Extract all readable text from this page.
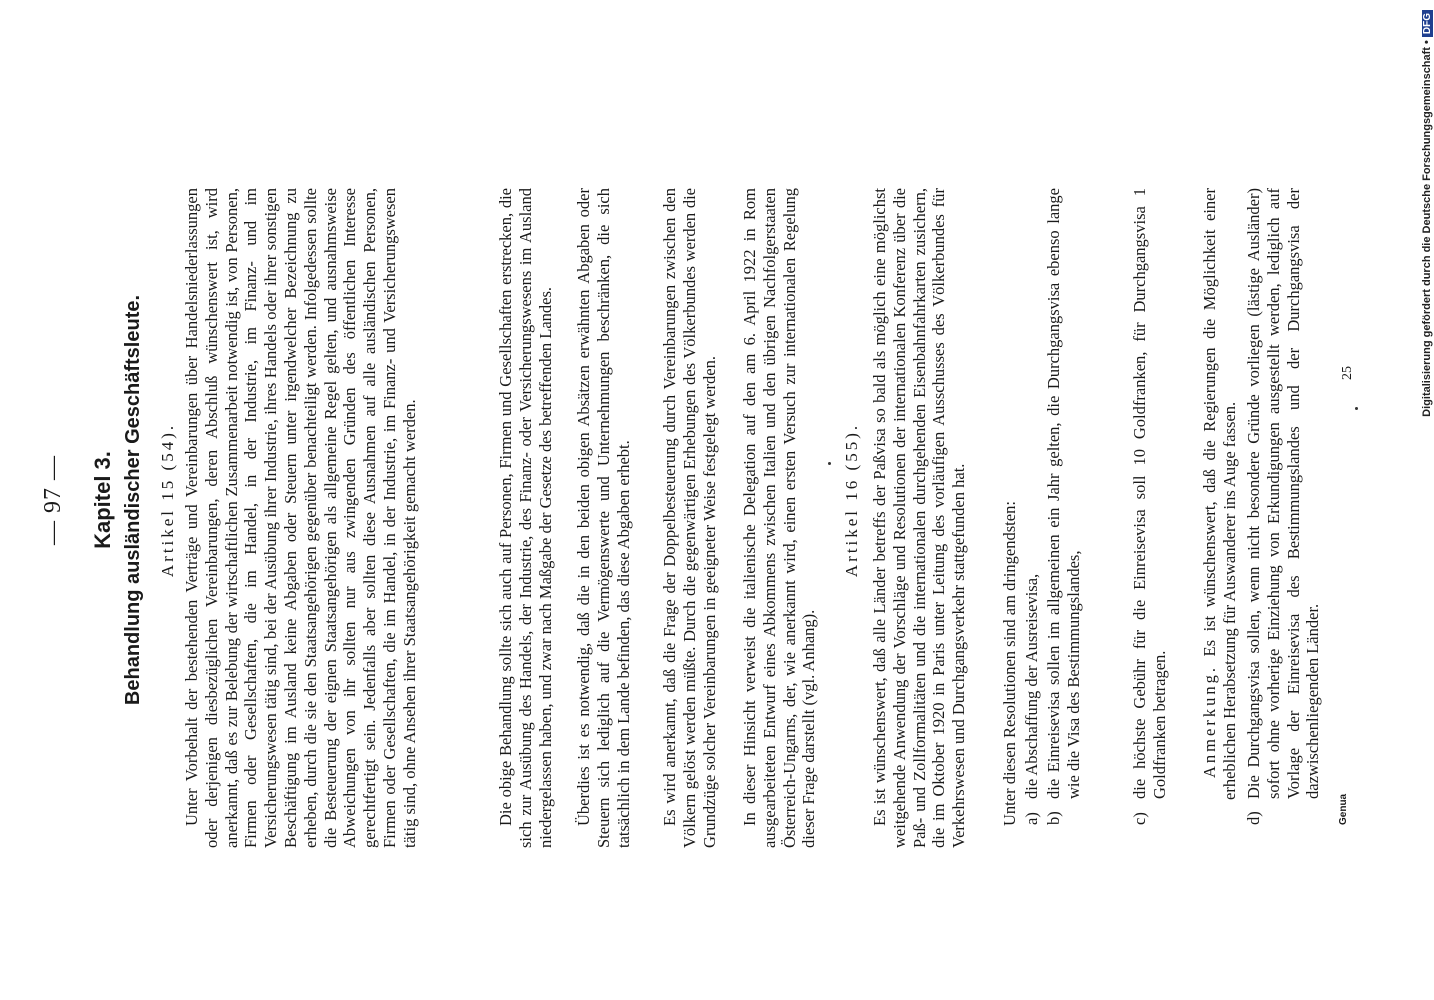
— 97 — Kapitel 3. Behandlung ausländischer Geschäftsleute. Artikel 15 (54). Unter Vorbehalt der bestehenden Verträge und Vereinbarungen über Handelsniederlassungen oder derjenigen diesbezüglichen Vereinbarungen, deren Abschluß wünschenswert ist, wird anerkannt, daß es zur Belebung der wirtschaftlichen Zusammenarbeit notwendig ist, von Personen, Firmen oder Gesellschaften, die im Handel, in der Industrie, im Finanz- und im Versicherungswesen tätig sind, bei der Ausübung ihrer Industrie, ihres Handels oder ihrer sonstigen Beschäftigung im Ausland keine Abgaben oder Steuern unter irgendwelcher Bezeichnung zu erheben, durch die sie den Staatsangehörigen gegenüber benachteiligt werden. Infolgedessen sollte die Besteuerung der eignen Staatsangehörigen als allgemeine Regel gelten, und ausnahmsweise Abweichungen von ihr sollten nur aus zwingenden Gründen des öffentlichen Interesse gerechtfertigt sein. Jedenfalls aber sollten diese Ausnahmen auf alle ausländischen Personen, Firmen oder Gesellschaften, die im Handel, in der Industrie, im Finanz- und Versicherungswesen tätig sind, ohne Ansehen ihrer Staatsangehörigkeit gemacht werden.	Die obige Behandlung sollte sich auch auf Personen, Firmen und Gesellschaften erstrecken, die sich zur Ausübung des Handels, der Industrie, des Finanz- oder Versicherungswesens im Ausland niedergelassen haben, und zwar nach Maßgabe der Gesetze des betreffenden Landes. Überdies ist es notwendig, daß die in den beiden obigen Absätzen erwähnten Abgaben oder Steuern sich lediglich auf die Vermögenswerte und Unternehmungen beschränken, die sich tatsächlich in dem Lande befinden, das diese Abgaben erhebt. Es wird anerkannt, daß die Frage der Doppelbesteuerung durch Vereinbarungen zwischen den Völkern gelöst werden müßte. Durch die gegenwärtigen Erhebungen des Völkerbundes werden die Grundzüge solcher Vereinbarungen in geeigneter Weise festgelegt werden. In dieser Hinsicht verweist die italienische Delegation auf den am 6. April 1922 in Rom ausgearbeiteten Entwurf eines Abkommens zwischen Italien und den übrigen Nachfolgerstaaten Österreich-Ungarns, der, wie anerkannt wird, einen ersten Versuch zur internationalen Regelung dieser Frage darstellt (vgl. Anhang).
Artikel 16 (55). Es ist wünschenswert, daß alle Länder betreffs der Paßvisa so bald als möglich eine möglichst weitgehende Anwendung der Vorschläge und Resolutionen der internationalen Konferenz über die Paß- und Zollformalitäten und die internationalen durchgehenden Eisenbahnfahrkarten zusichern, die im Oktober 1920 in Paris unter Leitung des vorläufigen Ausschusses des Völkerbundes für Verkehrswesen und Durchgangsverkehr stattgefunden hat. Unter diesen Resolutionen sind am dringendsten: a)
die Abschaffung der Ausreisevisa,
b)
die Einreisevisa sollen im allgemeinen ein Jahr gelten, die Durchgangsvisa ebenso lange wie die Visa des Bestimmungslandes,
c)
die höchste Gebühr für die Einreisevisa soll 10 Goldfranken, für Durchgangsvisa 1 Goldfranken betragen. Anmerkung. Es ist wünschenswert, daß die Regierungen die Möglichkeit einer erheblichen Herabsetzung für Auswanderer ins Auge fassen.
d)
Die Durchgangsvisa sollen, wenn nicht besondere Gründe vorliegen (lästige Ausländer) sofort ohne vorherige Einziehung von Erkundigungen ausgestellt werden, lediglich auf Vorlage der Einreisevisa des Bestimmungslandes und der Durchgangsvisa der dazwischenliegenden Länder.
Genua
25	Digitalisierung gefördert durch die Deutsche Forschungsgemeinschaft •
DFG
